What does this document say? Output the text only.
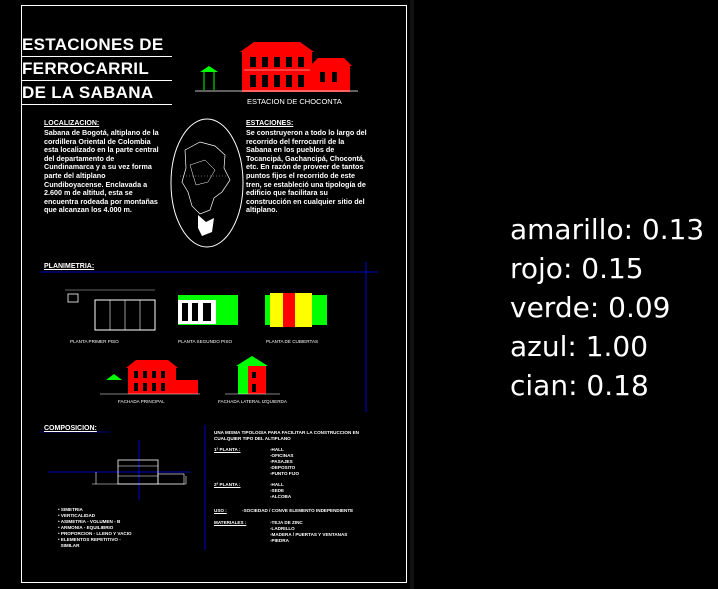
ESTACIONES DE
FERROCARRIL
DE LA SABANA	ESTACION DE CHOCONTA
LOCALIZACION:
Sabana de Bogotá, altiplano de la cordillera Oriental de Colombia esta localizado en la parte central del departamento de Cundinamarca y a su vez forma parte del altiplano Cundiboyacense. Enclavada a 2.600 m de altitud, esta se encuentra rodeada por montañas que alcanzan los 4.000 m.
ESTACIONES:
Se construyeron a todo lo largo del recorrido del ferrocarril de la Sabana en los pueblos de Tocancipá, Gachancipá, Chocontá, etc. En razón de proveer de tantos puntos fijos el recorrido de este tren, se estableció una tipología de edificio que facilitara su construcción en cualquier sitio del altiplano.
PLANIMETRIA:
PLANTA PRIMER PISO	PLANTA SEGUNDO PISO	PLANTA DE CUBIERTAS
FACHADA PRINCIPAL	FACHADA LATERAL IZQUIERDA
COMPOSICION:
• SIMETRIA
• VERTICALIDAD
• ASIMETRIA - VOLUMEN - B
• ARMONIA - EQUILIBRIO
• PROPORCION - LLENO Y VACIO
• ELEMENTOS REPETITIVO -
SIMILAR
UNA MISMA TIPOLOGIA PARA FACILITAR LA CONSTRUCCION EN CUALQUIER TIPO DEL ALTIPLANO
1ª PLANTA :	-HALL
-OFICINAS
-PASAJES
-DEPOSITO
-PUNTO FIJO
2ª PLANTA :	-HALL
-SEDE
-ALCOBA
USO :	-SOCIEDAD / CONVE ELEMENTO INDEPENDIENTE
MATERIALES :	-TEJA DE ZINC
-LADRILLO
-MADERA / PUERTAS Y VENTANAS
-PIEDRA
amarillo: 0.13
rojo: 0.15
verde: 0.09
azul: 1.00
cian: 0.18
